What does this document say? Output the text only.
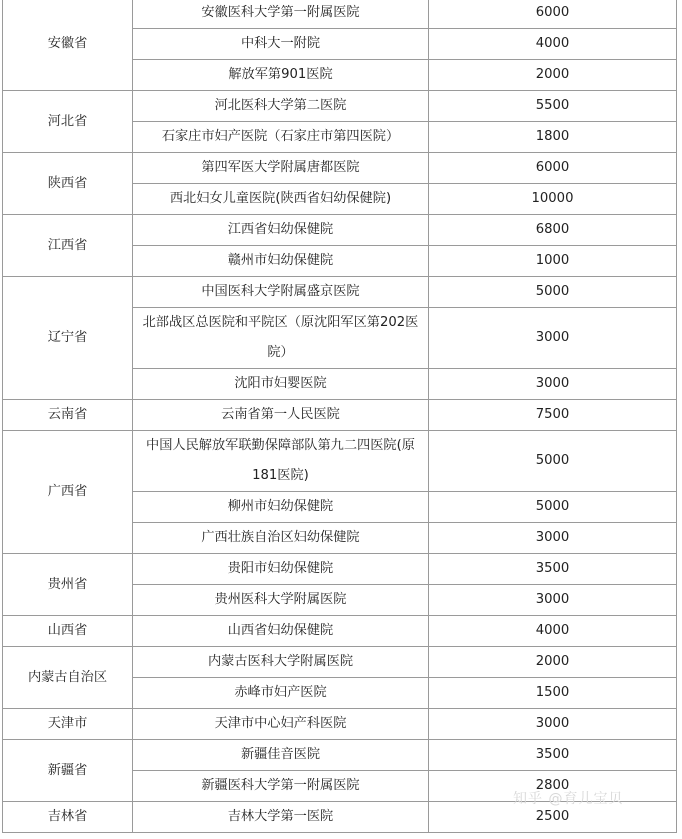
安徽省	安徽医科大学第一附属医院	6000
	中科大一附院	4000
	解放军第901医院	2000
河北省	河北医科大学第二医院	5500
	石家庄市妇产医院（石家庄市第四医院）	1800
陕西省	第四军医大学附属唐都医院	6000
	西北妇女儿童医院(陕西省妇幼保健院)	10000
江西省	江西省妇幼保健院	6800
	赣州市妇幼保健院	1000
辽宁省	中国医科大学附属盛京医院	5000
	北部战区总医院和平院区（原沈阳军区第202医院）	3000
	沈阳市妇婴医院	3000
云南省	云南省第一人民医院	7500
广西省	中国人民解放军联勤保障部队第九二四医院(原181医院)	5000
	柳州市妇幼保健院	5000
	广西壮族自治区妇幼保健院	3000
贵州省	贵阳市妇幼保健院	3500
	贵州医科大学附属医院	3000
山西省	山西省妇幼保健院	4000
内蒙古自治区	内蒙古医科大学附属医院	2000
	赤峰市妇产医院	1500
天津市	天津市中心妇产科医院	3000
新疆省	新疆佳音医院	3500
	新疆医科大学第一附属医院	2800
吉林省	吉林大学第一医院	2500
知乎 @育儿宝贝
